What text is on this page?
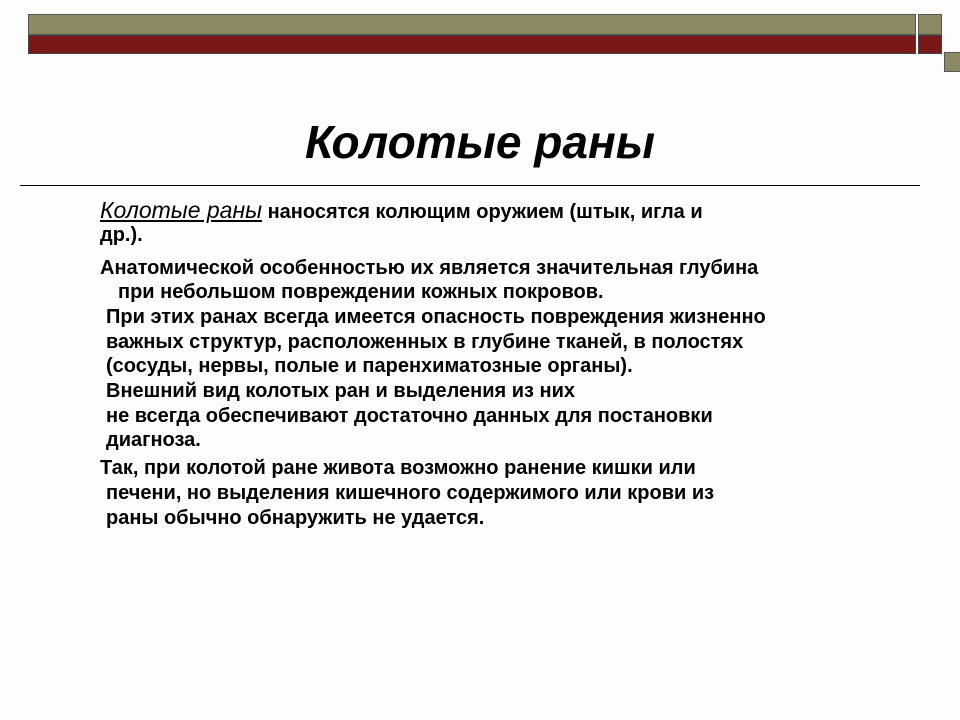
Колотые раны
Колотые раны наносятся колющим оружием (штык, игла и
др.).
Анатомической особенностью их является значительная глубина
при небольшом повреждении кожных покровов.
При этих ранах всегда имеется опасность повреждения жизненно
важных структур, расположенных в глубине тканей, в полостях
(сосуды, нервы, полые и паренхиматозные органы).
Внешний вид колотых ран и выделения из них
не всегда обеспечивают достаточно данных для постановки
диагноза.
Так, при колотой ране живота возможно ранение кишки или
печени, но выделения кишечного содержимого или крови из
раны обычно обнаружить не удается.
